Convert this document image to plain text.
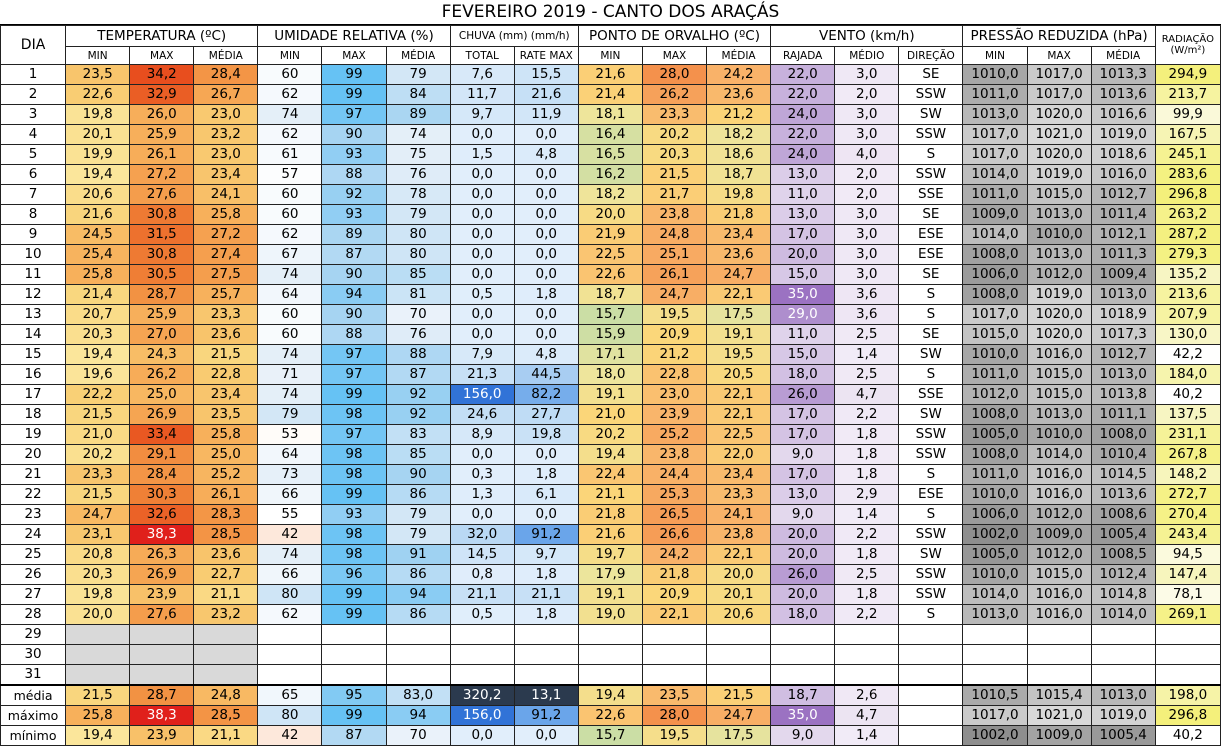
FEVEREIRO 2019 - CANTO DOS ARAÇÁS
DIA	TEMPERATURA (ºC)			UMIDADE RELATIVA (%)			CHUVA (mm) (mm/h)		PONTO DE ORVALHO (ºC)			VENTO (km/h)			PRESSÃO REDUZIDA (hPa)			RADIAÇÃO (W/m²)
	MIN	MAX	MÉDIA	MIN	MAX	MÉDIA	TOTAL	RATE MAX	MIN	MAX	MÉDIA	RAJADA	MÉDIO	DIREÇÃO	MIN	MAX	MÉDIA	
1	23,5	34,2	28,4	60	99	79	7,6	15,5	21,6	28,0	24,2	22,0	3,0	SE	1010,0	1017,0	1013,3	294,9
2	22,6	32,9	26,7	62	99	84	11,7	21,6	21,4	26,2	23,6	22,0	2,0	SSW	1011,0	1017,0	1013,6	213,7
3	19,8	26,0	23,0	74	97	89	9,7	11,9	18,1	23,3	21,2	24,0	3,0	SW	1013,0	1020,0	1016,6	99,9
4	20,1	25,9	23,2	62	90	74	0,0	0,0	16,4	20,2	18,2	22,0	3,0	SSW	1017,0	1021,0	1019,0	167,5
5	19,9	26,1	23,0	61	93	75	1,5	4,8	16,5	20,3	18,6	24,0	4,0	S	1017,0	1020,0	1018,6	245,1
6	19,4	27,2	23,4	57	88	76	0,0	0,0	16,2	21,5	18,7	13,0	2,0	SSW	1014,0	1019,0	1016,0	283,6
7	20,6	27,6	24,1	60	92	78	0,0	0,0	18,2	21,7	19,8	11,0	2,0	SSE	1011,0	1015,0	1012,7	296,8
8	21,6	30,8	25,8	60	93	79	0,0	0,0	20,0	23,8	21,8	13,0	3,0	SE	1009,0	1013,0	1011,4	263,2
9	24,5	31,5	27,2	62	89	80	0,0	0,0	21,9	24,8	23,4	17,0	3,0	ESE	1014,0	1010,0	1012,1	287,2
10	25,4	30,8	27,4	67	87	80	0,0	0,0	22,5	25,1	23,6	20,0	3,0	ESE	1008,0	1013,0	1011,3	279,3
11	25,8	30,5	27,5	74	90	85	0,0	0,0	22,6	26,1	24,7	15,0	3,0	SE	1006,0	1012,0	1009,4	135,2
12	21,4	28,7	25,7	64	94	81	0,5	1,8	18,7	24,7	22,1	35,0	3,6	S	1008,0	1019,0	1013,0	213,6
13	20,7	25,9	23,3	60	90	70	0,0	0,0	15,7	19,5	17,5	29,0	3,6	S	1017,0	1020,0	1018,9	207,9
14	20,3	27,0	23,6	60	88	76	0,0	0,0	15,9	20,9	19,1	11,0	2,5	SE	1015,0	1020,0	1017,3	130,0
15	19,4	24,3	21,5	74	97	88	7,9	4,8	17,1	21,2	19,5	15,0	1,4	SW	1010,0	1016,0	1012,7	42,2
16	19,6	26,2	22,8	71	97	87	21,3	44,5	18,0	22,8	20,5	18,0	2,5	S	1011,0	1015,0	1013,0	184,0
17	22,2	25,0	23,4	74	99	92	156,0	82,2	19,1	23,0	22,1	26,0	4,7	SSE	1012,0	1015,0	1013,8	40,2
18	21,5	26,9	23,5	79	98	92	24,6	27,7	21,0	23,9	22,1	17,0	2,2	SW	1008,0	1013,0	1011,1	137,5
19	21,0	33,4	25,8	53	97	83	8,9	19,8	20,2	25,2	22,5	17,0	1,8	SSW	1005,0	1010,0	1008,0	231,1
20	20,2	29,1	25,0	64	98	85	0,0	0,0	19,4	23,8	22,0	9,0	1,8	SSW	1008,0	1014,0	1010,4	267,8
21	23,3	28,4	25,2	73	98	90	0,3	1,8	22,4	24,4	23,4	17,0	1,8	S	1011,0	1016,0	1014,5	148,2
22	21,5	30,3	26,1	66	99	86	1,3	6,1	21,1	25,3	23,3	13,0	2,9	ESE	1010,0	1016,0	1013,6	272,7
23	24,7	32,6	28,3	55	93	79	0,0	0,0	21,8	26,5	24,1	9,0	1,4	S	1006,0	1012,0	1008,6	270,4
24	23,1	38,3	28,5	42	98	79	32,0	91,2	21,6	26,6	23,8	20,0	2,2	SSW	1002,0	1009,0	1005,4	243,4
25	20,8	26,3	23,6	74	98	91	14,5	9,7	19,7	24,2	22,1	20,0	1,8	SW	1005,0	1012,0	1008,5	94,5
26	20,3	26,9	22,7	66	96	86	0,8	1,8	17,9	21,8	20,0	26,0	2,5	SSW	1010,0	1015,0	1012,4	147,4
27	19,8	23,9	21,1	80	99	94	21,1	21,1	19,1	20,9	20,1	20,0	1,8	SSW	1014,0	1016,0	1014,8	78,1
28	20,0	27,6	23,2	62	99	86	0,5	1,8	19,0	22,1	20,6	18,0	2,2	S	1013,0	1016,0	1014,0	269,1
29																		
30																		
31																		
média	21,5	28,7	24,8	65	95	83,0	320,2	13,1	19,4	23,5	21,5	18,7	2,6		1010,5	1015,4	1013,0	198,0
máximo	25,8	38,3	28,5	80	99	94	156,0	91,2	22,6	28,0	24,7	35,0	4,7		1017,0	1021,0	1019,0	296,8
mínimo	19,4	23,9	21,1	42	87	70	0,0	0,0	15,7	19,5	17,5	9,0	1,4		1002,0	1009,0	1005,4	40,2
